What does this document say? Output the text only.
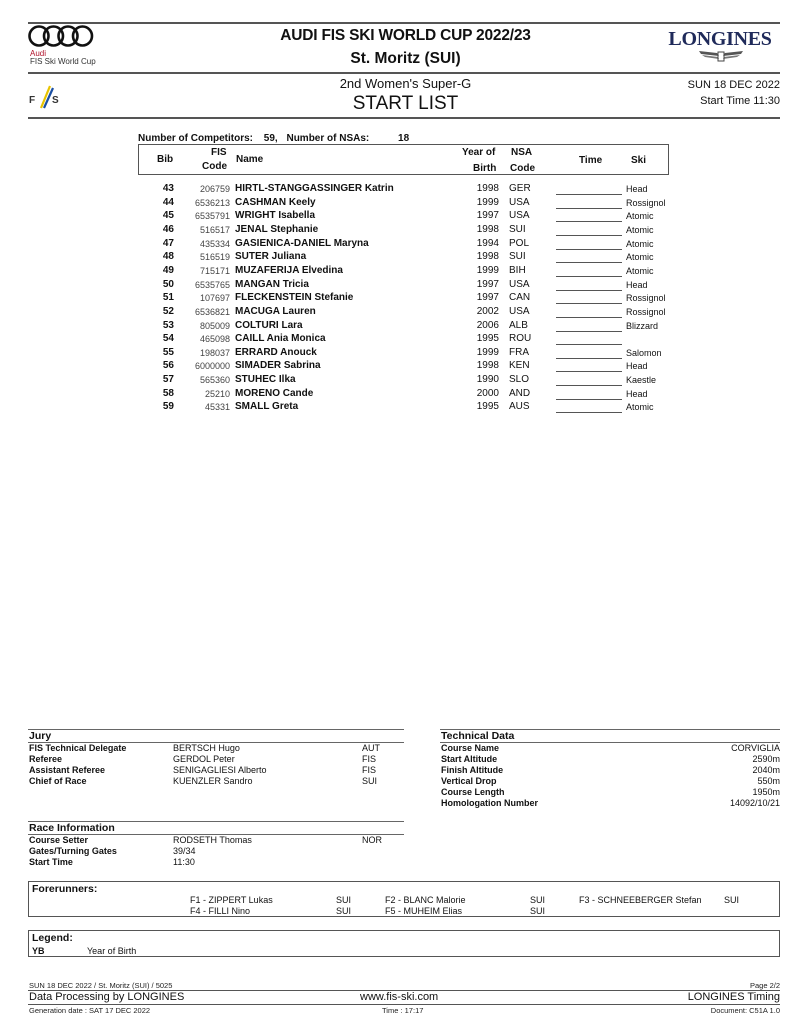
Audi
FIS Ski World Cup
AUDI FIS SKI WORLD CUP 2022/23
St. Moritz (SUI)
LONGINES
F S
2nd Women's Super-G
START LIST
SUN 18 DEC 2022
Start Time 11:30
Number of Competitors: 59, Number of NSAs:	18
Bib
FIS
Code
Name
Year of
Birth
NSA
Code
Time	Ski
43	206759 HIRTL-STANGGASSINGER Katrin	1998 GER	Head
44	6536213 CASHMAN Keely	1999 USA	Rossignol
45	6535791 WRIGHT Isabella	1997 USA	Atomic
46	516517 JENAL Stephanie	1998 SUI	Atomic
47	435334 GASIENICA-DANIEL Maryna	1994 POL	Atomic
48	516519 SUTER Juliana	1998 SUI	Atomic
49	715171 MUZAFERIJA Elvedina	1999 BIH	Atomic
50	6535765 MANGAN Tricia	1997 USA	Head
51	107697 FLECKENSTEIN Stefanie	1997 CAN	Rossignol
52	6536821 MACUGA Lauren	2002 USA	Rossignol
53	805009 COLTURI Lara	2006 ALB	Blizzard
54	465098 CAILL Ania Monica	1995 ROU
55	198037 ERRARD Anouck	1999 FRA	Salomon
56	6000000 SIMADER Sabrina	1998 KEN	Head
57	565360 STUHEC Ilka	1990 SLO	Kaestle
58	25210 MORENO Cande	2000 AND	Head
59	45331 SMALL Greta	1995 AUS	Atomic
Jury
FIS Technical Delegate	BERTSCH Hugo	AUT
Referee	GERDOL Peter	FIS
Assistant Referee	SENIGAGLIESI Alberto	FIS
Chief of Race	KUENZLER Sandro	SUI
Technical Data
Course Name	CORVIGLIA
Start Altitude	2590m
Finish Altitude	2040m
Vertical Drop	550m
Course Length	1950m
Homologation Number	14092/10/21
Race Information
Course Setter	RODSETH Thomas	NOR
Gates/Turning Gates	39/34
Start Time	11:30
Forerunners:
F1 - ZIPPERT Lukas	SUI	F2 - BLANC Malorie	SUI	F3 - SCHNEEBERGER Stefan SUI
F4 - FILLI Nino	SUI	F5 - MUHEIM Elias	SUI
Legend:
YB	Year of Birth
SUN 18 DEC 2022 / St. Moritz (SUI) / 5025	Page 2/2
Data Processing by LONGINES	www.fis-ski.com	LONGINES Timing
Generation date : SAT 17 DEC 2022	Time : 17:17	Document: C51A 1.0
